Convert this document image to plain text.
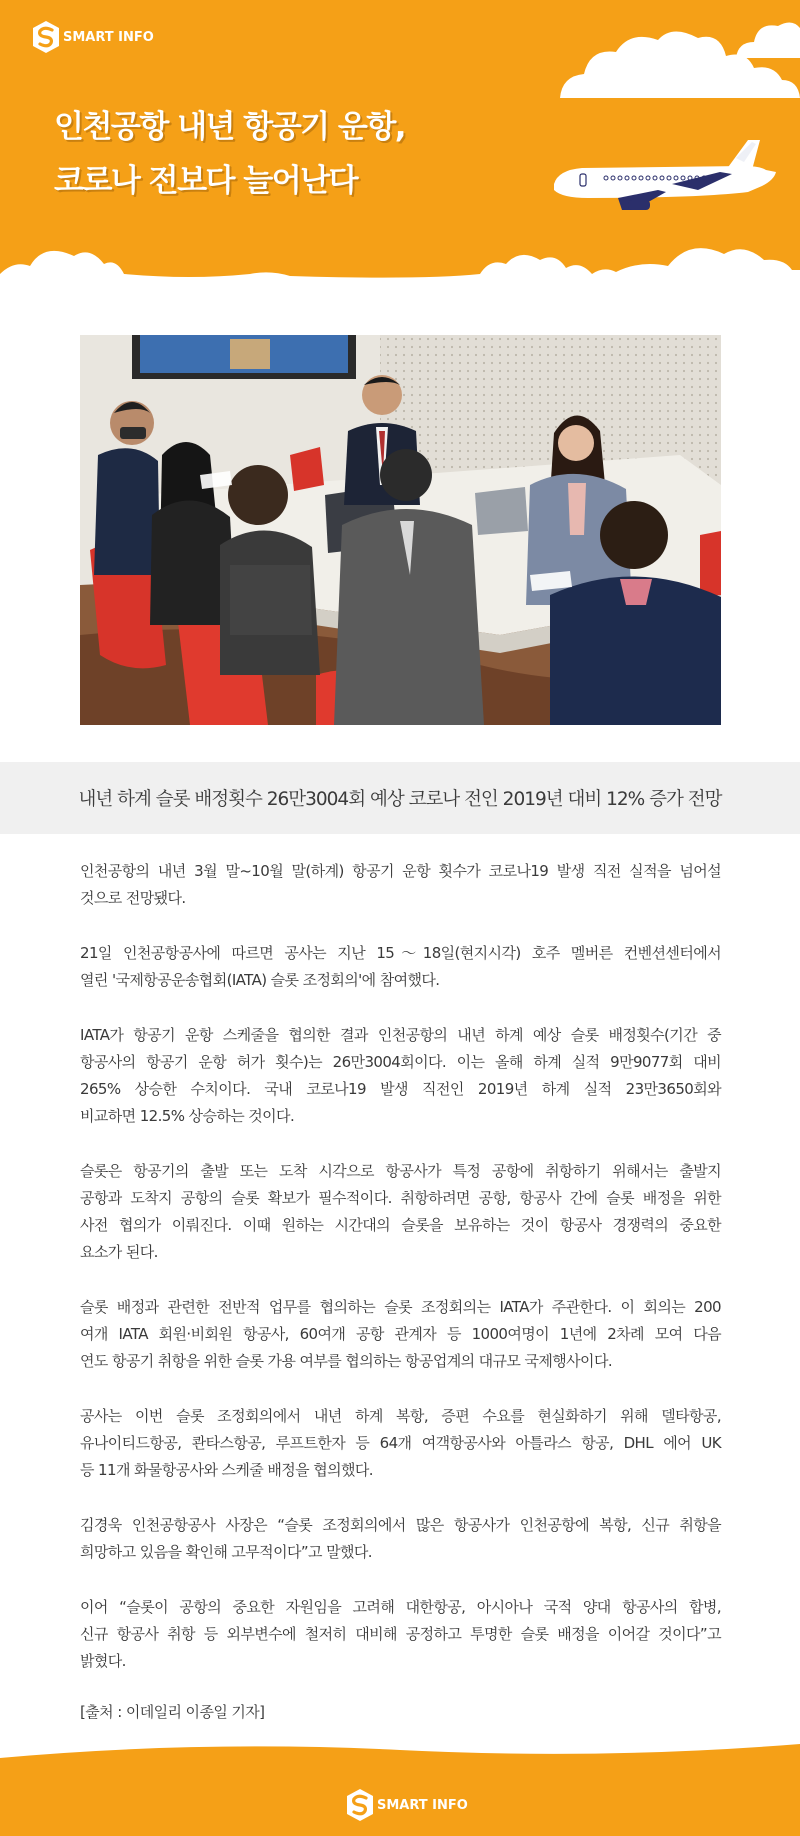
SMART INFO
인천공항 내년 항공기 운항,
코로나 전보다 늘어난다
내년 하계 슬롯 배정횟수 26만3004회 예상 코로나 전인 2019년 대비 12% 증가 전망

인천공항의 내년 3월 말~10월 말(하계) 항공기 운항 횟수가 코로나19 발생 직전 실적을 넘어설
것으로 전망됐다.

21일 인천공항공사에 따르면 공사는 지난 15～18일(현지시각) 호주 멜버른 컨벤션센터에서
열린 '국제항공운송협회(IATA) 슬롯 조정회의'에 참여했다.

IATA가 항공기 운항 스케줄을 협의한 결과 인천공항의 내년 하계 예상 슬롯 배정횟수(기간 중
항공사의 항공기 운항 허가 횟수)는 26만3004회이다. 이는 올해 하계 실적 9만9077회 대비
265% 상승한 수치이다. 국내 코로나19 발생 직전인 2019년 하계 실적 23만3650회와
비교하면 12.5% 상승하는 것이다.

슬롯은 항공기의 출발 또는 도착 시각으로 항공사가 특정 공항에 취항하기 위해서는 출발지
공항과 도착지 공항의 슬롯 확보가 필수적이다. 취항하려면 공항, 항공사 간에 슬롯 배정을 위한
사전 협의가 이뤄진다. 이때 원하는 시간대의 슬롯을 보유하는 것이 항공사 경쟁력의 중요한
요소가 된다.

슬롯 배정과 관련한 전반적 업무를 협의하는 슬롯 조정회의는 IATA가 주관한다. 이 회의는 200
여개 IATA 회원·비회원 항공사, 60여개 공항 관계자 등 1000여명이 1년에 2차례 모여 다음
연도 항공기 취항을 위한 슬롯 가용 여부를 협의하는 항공업계의 대규모 국제행사이다.

공사는 이번 슬롯 조정회의에서 내년 하계 복항, 증편 수요를 현실화하기 위해 델타항공,
유나이티드항공, 콴타스항공, 루프트한자 등 64개 여객항공사와 아틀라스 항공, DHL 에어 UK
등 11개 화물항공사와 스케줄 배정을 협의했다.

김경욱 인천공항공사 사장은 “슬롯 조정회의에서 많은 항공사가 인천공항에 복항, 신규 취항을
희망하고 있음을 확인해 고무적이다”고 말했다.

이어 “슬롯이 공항의 중요한 자원임을 고려해 대한항공, 아시아나 국적 양대 항공사의 합병,
신규 항공사 취항 등 외부변수에 철저히 대비해 공정하고 투명한 슬롯 배정을 이어갈 것이다”고
밝혔다.

[출처 : 이데일리 이종일 기자]

SMART INFO
